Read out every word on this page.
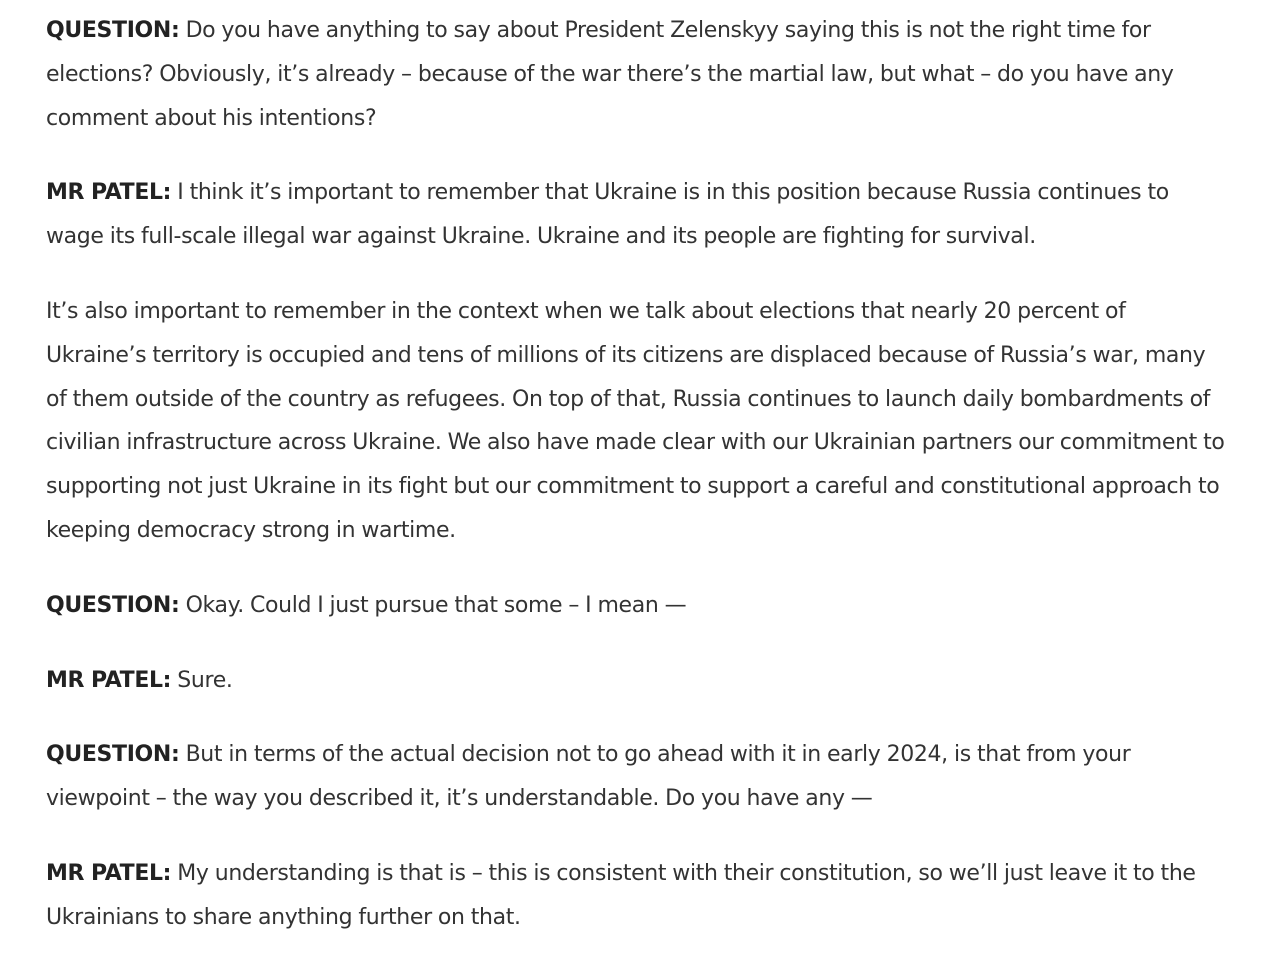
QUESTION: Do you have anything to say about President Zelenskyy saying this is not the right time for elections? Obviously, it’s already – because of the war there’s the martial law, but what – do you have any comment about his intentions?

MR PATEL: I think it’s important to remember that Ukraine is in this position because Russia continues to wage its full-scale illegal war against Ukraine. Ukraine and its people are fighting for survival.

It’s also important to remember in the context when we talk about elections that nearly 20 percent of Ukraine’s territory is occupied and tens of millions of its citizens are displaced because of Russia’s war, many of them outside of the country as refugees. On top of that, Russia continues to launch daily bombardments of civilian infrastructure across Ukraine. We also have made clear with our Ukrainian partners our commitment to supporting not just Ukraine in its fight but our commitment to support a careful and constitutional approach to keeping democracy strong in wartime.

QUESTION: Okay. Could I just pursue that some – I mean —

MR PATEL: Sure.

QUESTION: But in terms of the actual decision not to go ahead with it in early 2024, is that from your viewpoint – the way you described it, it’s understandable. Do you have any —

MR PATEL: My understanding is that is – this is consistent with their constitution, so we’ll just leave it to the Ukrainians to share anything further on that.
